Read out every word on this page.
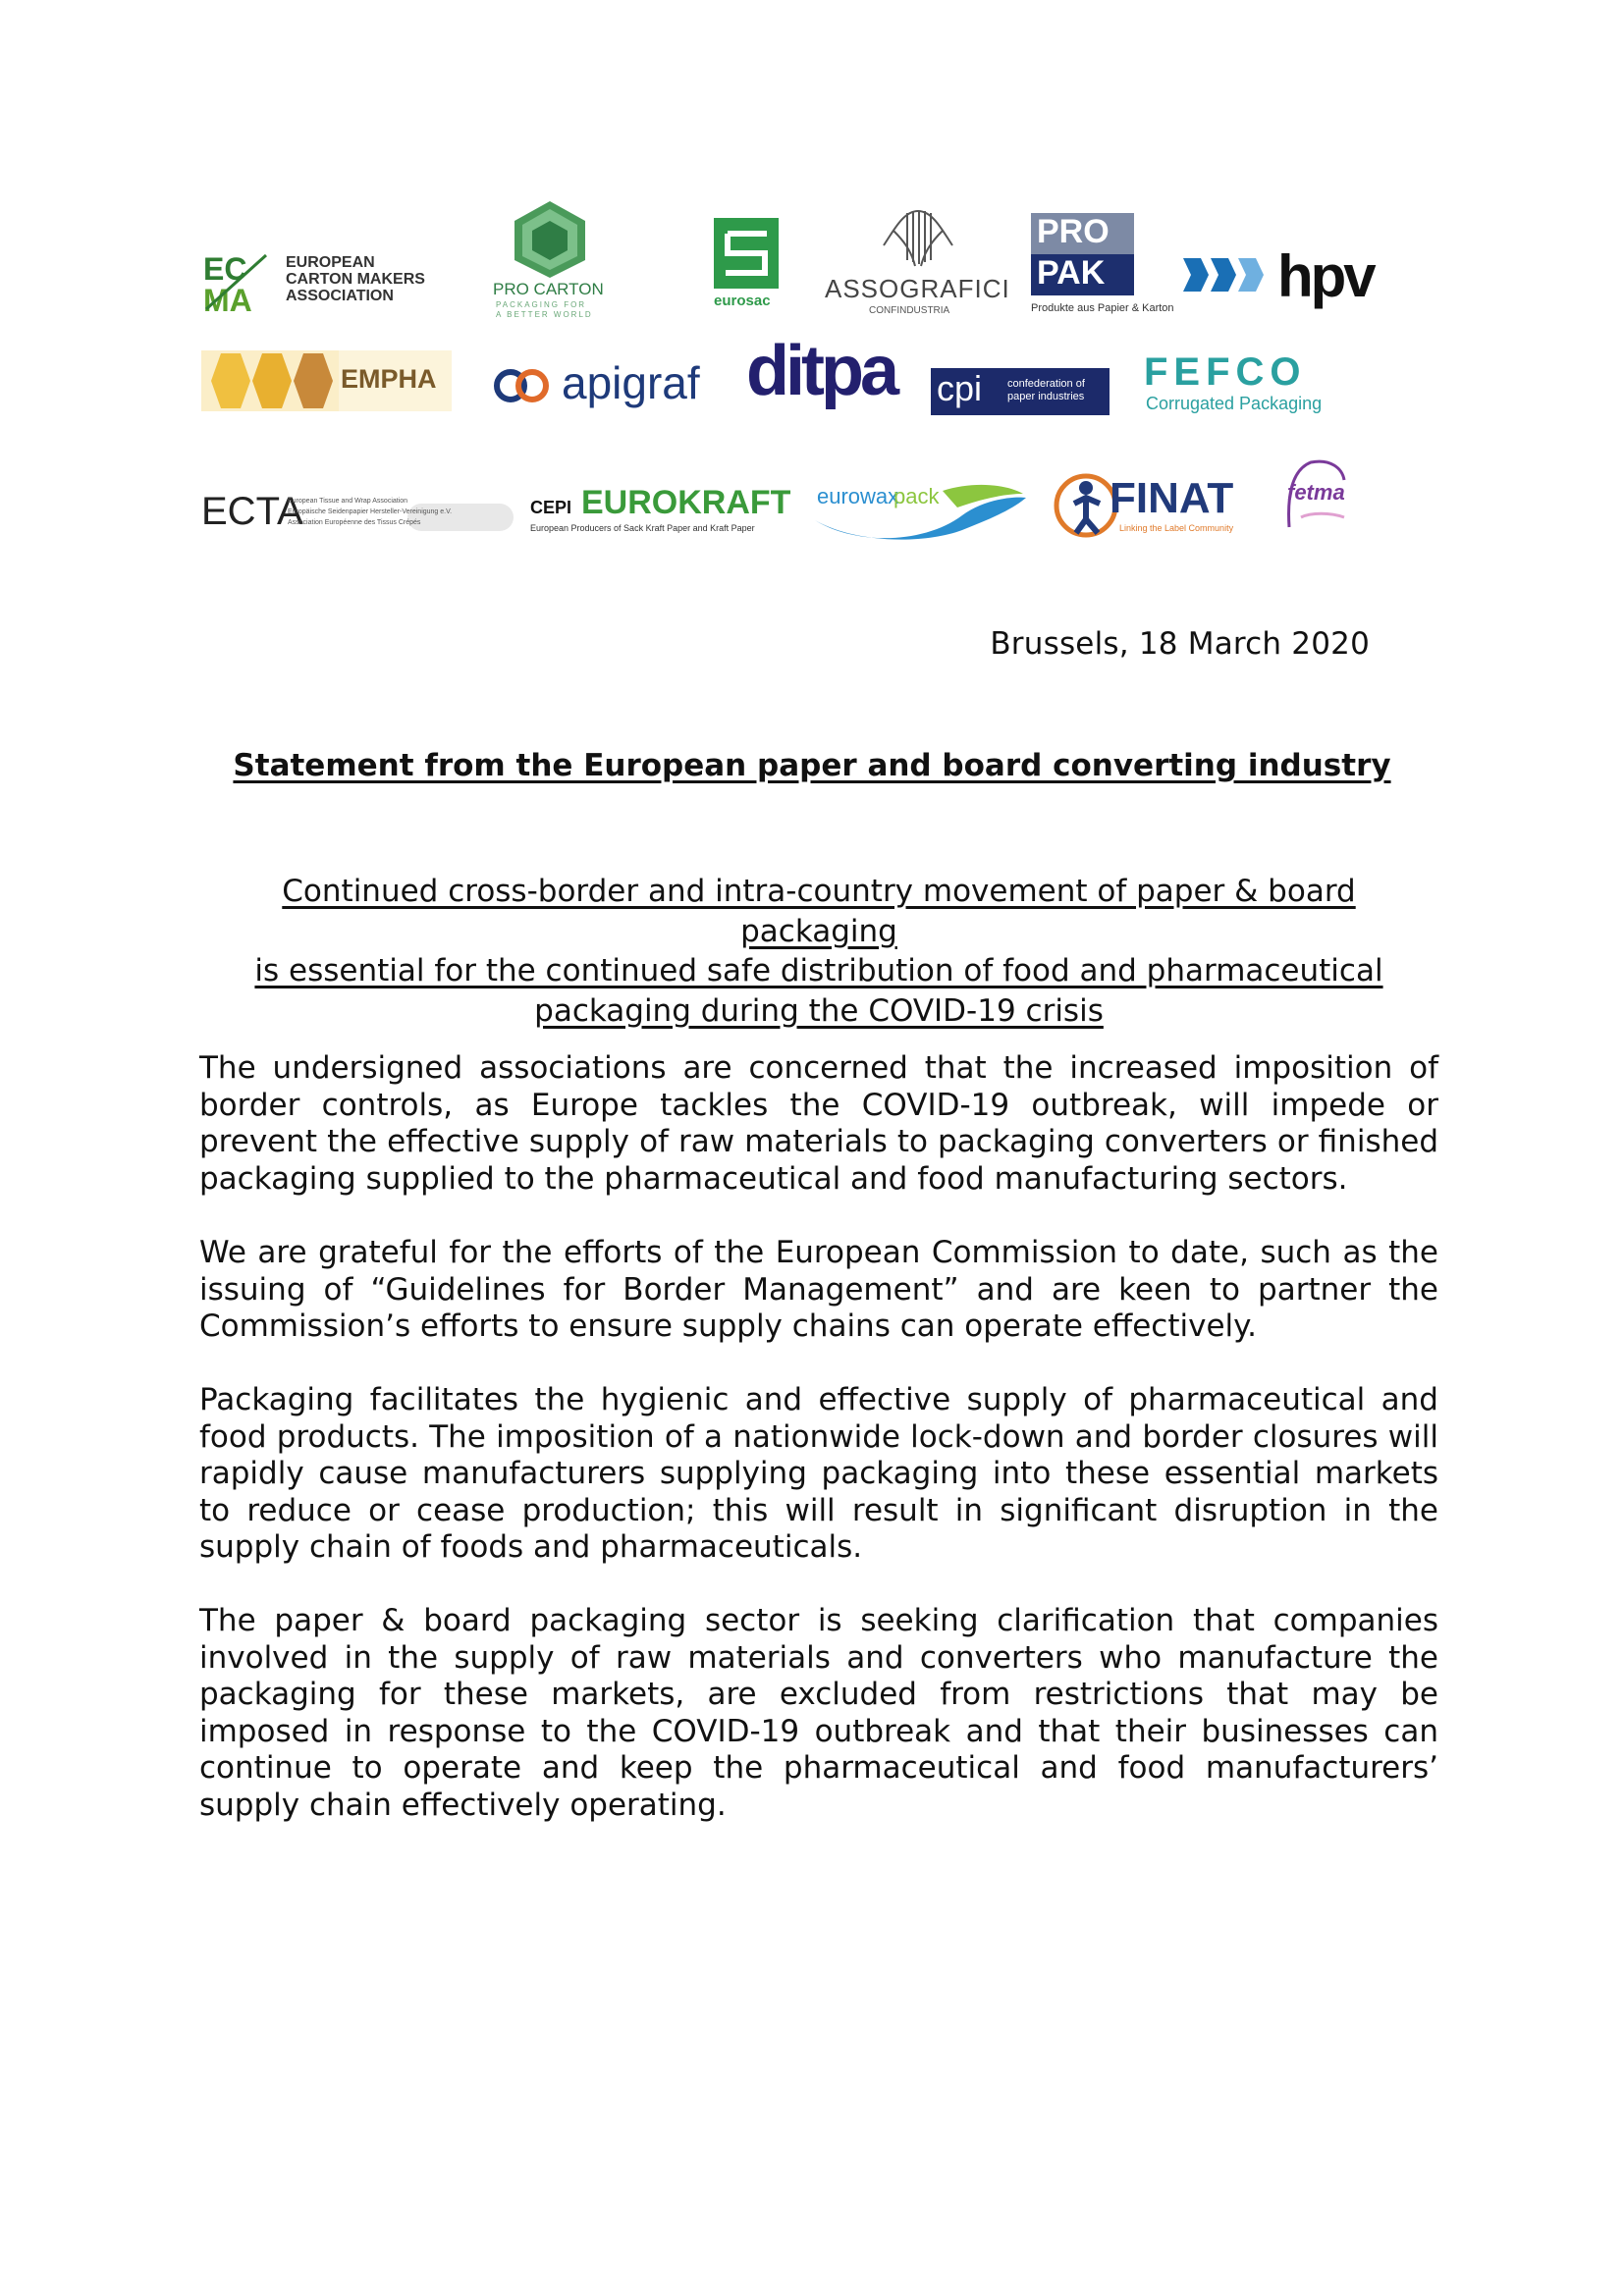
EC
MA
EUROPEAN
CARTON MAKERS
ASSOCIATION	PRO CARTON
PACKAGING FOR
A BETTER WORLD
eurosac ASSOGRAFICI
CONFINDUSTRIA
PRO
PAK
Produkte aus Papier & Karton hpv
EMPHA	apigraf ditpa cpi confederation of
paper industries
FEFCO
Corrugated Packaging
ECTA
European Tissue and Wrap Association
Europäische Seidenpapier Hersteller-Vereinigung e.V.
Association Européenne des Tissus Crépés
CEPI EUROKRAFT
European Producers of Sack Kraft Paper and Kraft Paper
eurowax
pack	FINAT
Linking the Label Community
fetma
Brussels, 18 March 2020
Statement from the European paper and board converting industry
Continued cross-border and intra-country movement of paper & board packaging
is essential for the continued safe distribution of food and pharmaceutical
packaging during the COVID-19 crisis

The undersigned associations are concerned that the increased imposition of border controls, as Europe tackles the COVID-19 outbreak, will impede or prevent the effective supply of raw materials to packaging converters or finished packaging supplied to the pharmaceutical and food manufacturing sectors.

We are grateful for the efforts of the European Commission to date, such as the issuing of “Guidelines for Border Management” and are keen to partner the Commission’s efforts to ensure supply chains can operate effectively.

Packaging facilitates the hygienic and effective supply of pharmaceutical and food products. The imposition of a nationwide lock-down and border closures will rapidly cause manufacturers supplying packaging into these essential markets to reduce or cease production; this will result in significant disruption in the supply chain of foods and pharmaceuticals.

The paper & board packaging sector is seeking clarification that companies involved in the supply of raw materials and converters who manufacture the packaging for these markets, are excluded from restrictions that may be imposed in response to the COVID-19 outbreak and that their businesses can continue to operate and keep the pharmaceutical and food manufacturers’ supply chain effectively operating.
